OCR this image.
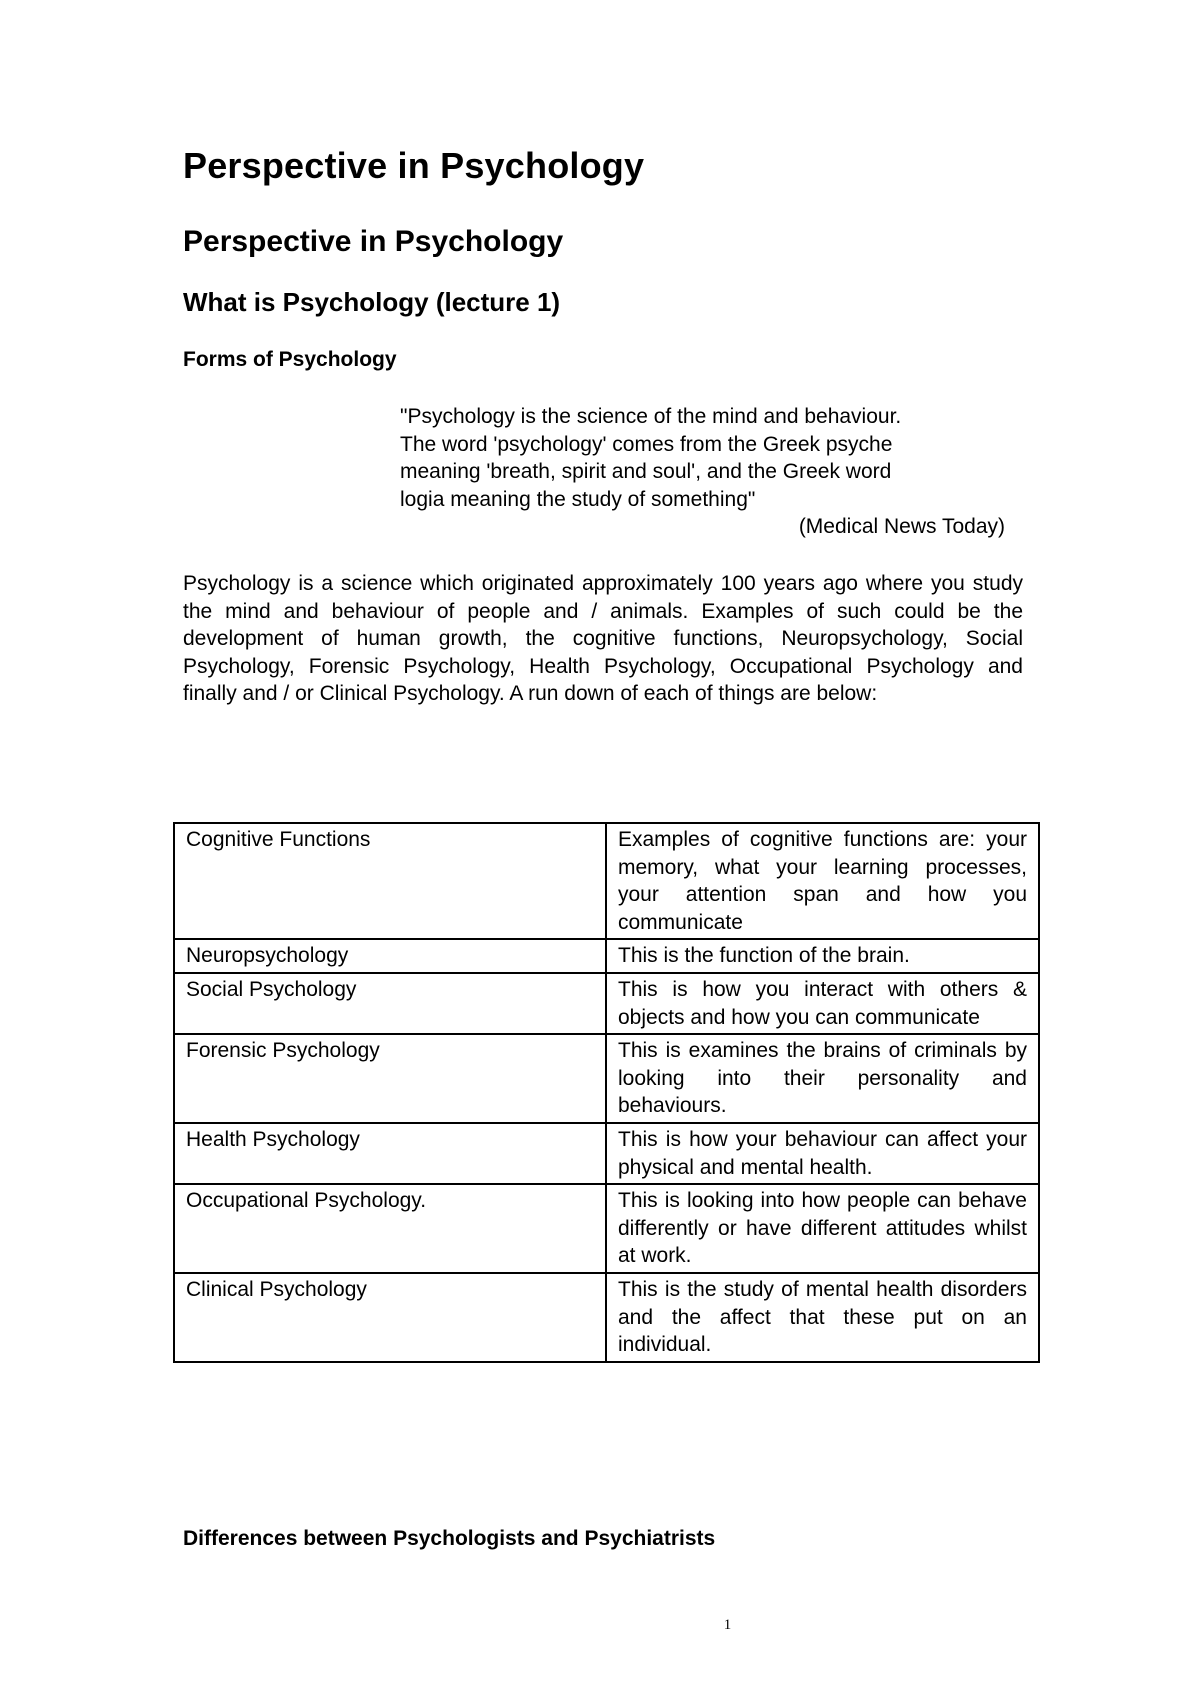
Perspective in Psychology
Perspective in Psychology
What is Psychology (lecture 1)
Forms of Psychology
"Psychology is the science of the mind and behaviour.
The word 'psychology' comes from the Greek psyche
meaning 'breath, spirit and soul', and the Greek word
logia meaning the study of something"
(Medical News Today)

Psychology is a science which originated approximately 100 years ago where you study the mind and behaviour of people and / animals. Examples of such could be the development of human growth, the cognitive functions, Neuropsychology, Social Psychology, Forensic Psychology, Health Psychology, Occupational Psychology and finally and / or Clinical Psychology. A run down of each of things are below:

Cognitive Functions	Examples of cognitive functions are: your memory, what your learning processes, your attention span and how you communicate
Neuropsychology	This is the function of the brain.
Social Psychology	This is how you interact with others & objects and how you can communicate
Forensic Psychology	This is examines the brains of criminals by looking into their personality and behaviours.
Health Psychology	This is how your behaviour can affect your physical and mental health.
Occupational Psychology.	This is looking into how people can behave differently or have different attitudes whilst at work.
Clinical Psychology	This is the study of mental health disorders and the affect that these put on an individual.
Differences between Psychologists and Psychiatrists
1
